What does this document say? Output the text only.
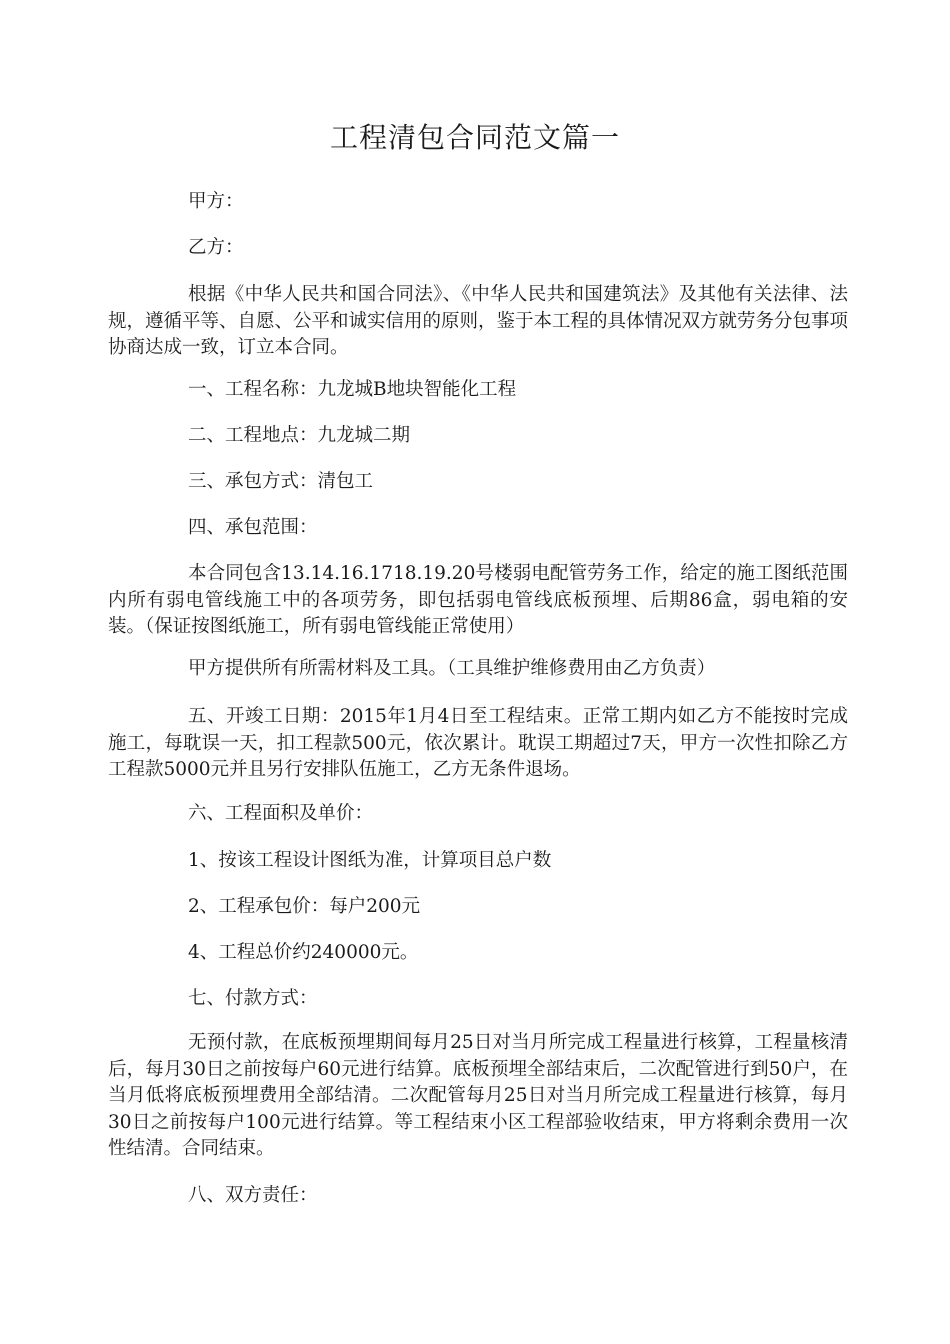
工程清包合同范文篇一

甲方：

乙方：

根据《中华人民共和国合同法》、《中华人民共和国建筑法》及其他有关法律、法规，遵循平等、自愿、公平和诚实信用的原则，鉴于本工程的具体情况双方就劳务分包事项协商达成一致，订立本合同。

一、工程名称：九龙城B地块智能化工程

二、工程地点：九龙城二期

三、承包方式：清包工

四、承包范围：

本合同包含13.14.16.1718.19.20号楼弱电配管劳务工作，给定的施工图纸范围内所有弱电管线施工中的各项劳务，即包括弱电管线底板预埋、后期86盒，弱电箱的安装。（保证按图纸施工，所有弱电管线能正常使用）

甲方提供所有所需材料及工具。（工具维护维修费用由乙方负责）

五、开竣工日期：2015年1月4日至工程结束。正常工期内如乙方不能按时完成施工，每耽误一天，扣工程款500元，依次累计。耽误工期超过7天，甲方一次性扣除乙方工程款5000元并且另行安排队伍施工，乙方无条件退场。

六、工程面积及单价：

1、按该工程设计图纸为准，计算项目总户数

2、工程承包价：每户200元

4、工程总价约240000元。

七、付款方式：

无预付款，在底板预埋期间每月25日对当月所完成工程量进行核算，工程量核清后，每月30日之前按每户60元进行结算。底板预埋全部结束后，二次配管进行到50户，在当月低将底板预埋费用全部结清。二次配管每月25日对当月所完成工程量进行核算，每月30日之前按每户100元进行结算。等工程结束小区工程部验收结束，甲方将剩余费用一次性结清。合同结束。

八、双方责任：
